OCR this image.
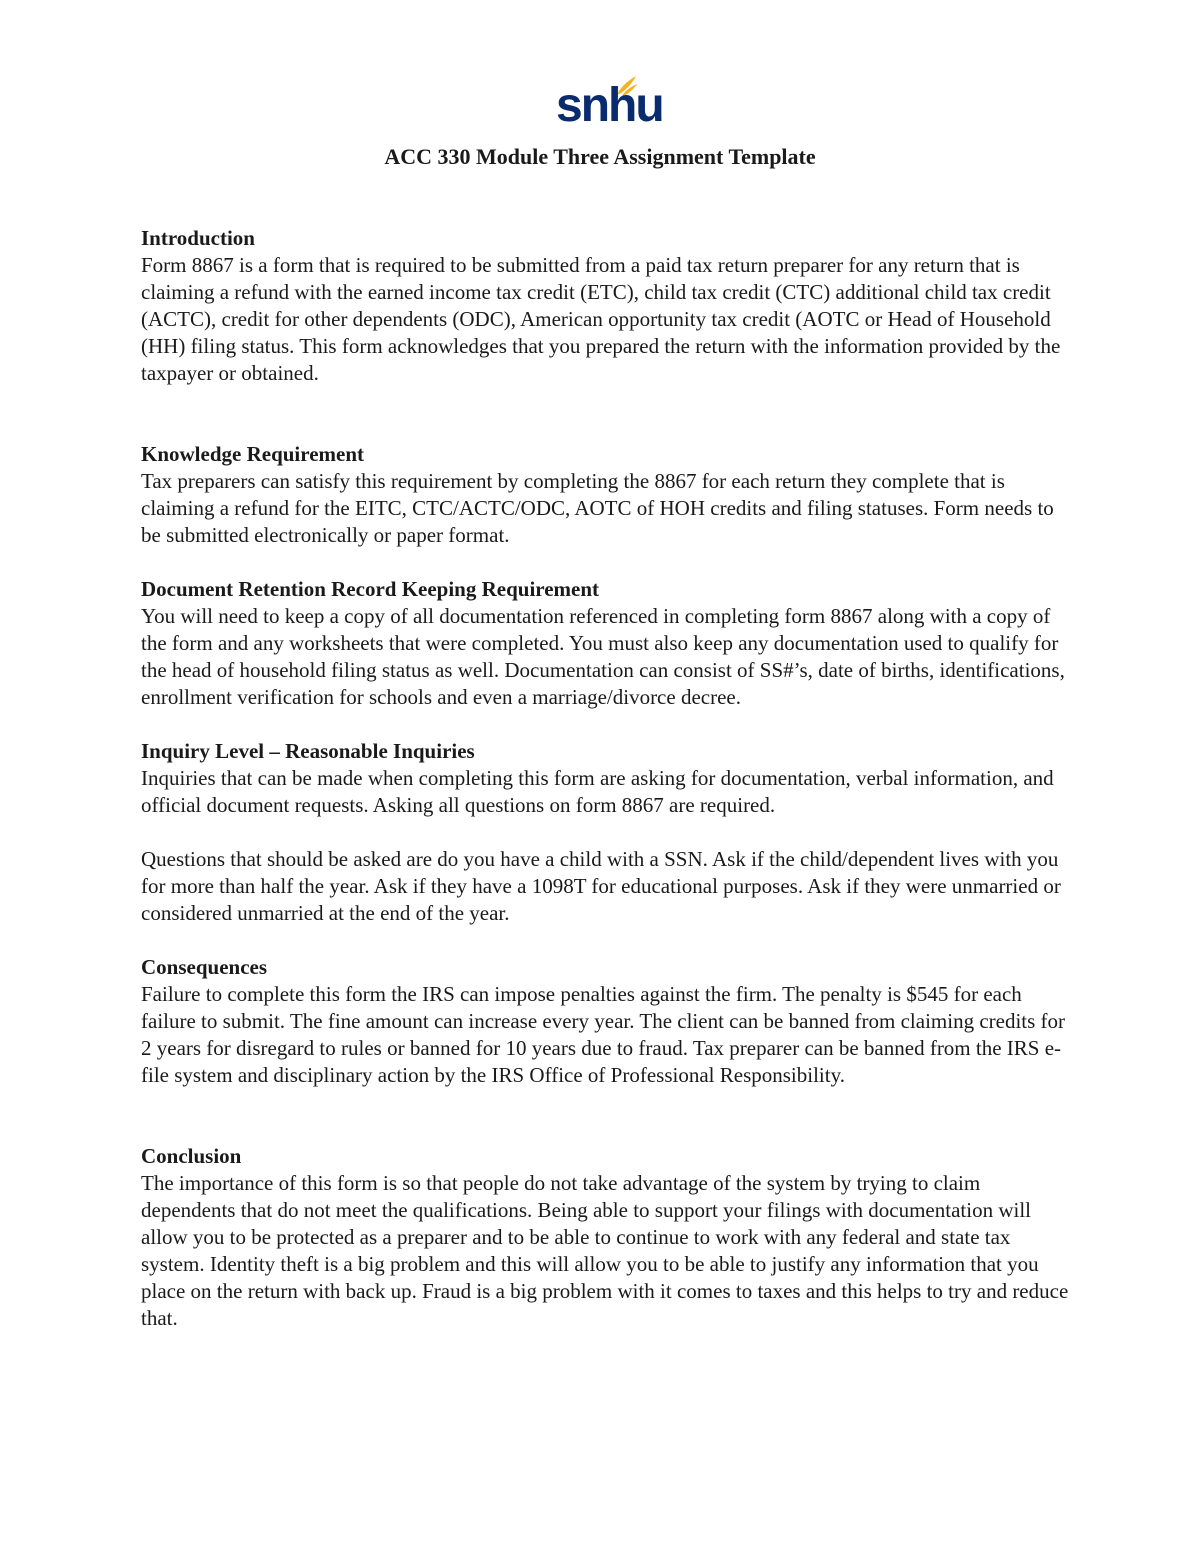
snhu
ACC 330 Module Three Assignment Template
Introduction

Form 8867 is a form that is required to be submitted from a paid tax return preparer for any return that is claiming a refund with the earned income tax credit (ETC), child tax credit (CTC) additional child tax credit (ACTC), credit for other dependents (ODC), American opportunity tax credit (AOTC or Head of Household (HH) filing status. This form acknowledges that you prepared the return with the information provided by the taxpayer or obtained.

Knowledge Requirement

Tax preparers can satisfy this requirement by completing the 8867 for each return they complete that is claiming a refund for the EITC, CTC/ACTC/ODC, AOTC of HOH credits and filing statuses. Form needs to be submitted electronically or paper format.

Document Retention Record Keeping Requirement

You will need to keep a copy of all documentation referenced in completing form 8867 along with a copy of the form and any worksheets that were completed. You must also keep any documentation used to qualify for the head of household filing status as well. Documentation can consist of SS#’s, date of births, identifications, enrollment verification for schools and even a marriage/divorce decree.

Inquiry Level – Reasonable Inquiries

Inquiries that can be made when completing this form are asking for documentation, verbal information, and official document requests. Asking all questions on form 8867 are required.

Questions that should be asked are do you have a child with a SSN. Ask if the child/dependent lives with you for more than half the year. Ask if they have a 1098T for educational purposes. Ask if they were unmarried or considered unmarried at the end of the year.

Consequences

Failure to complete this form the IRS can impose penalties against the firm. The penalty is $545 for each failure to submit. The fine amount can increase every year. The client can be banned from claiming credits for 2 years for disregard to rules or banned for 10 years due to fraud. Tax preparer can be banned from the IRS e-file system and disciplinary action by the IRS Office of Professional Responsibility.

Conclusion

The importance of this form is so that people do not take advantage of the system by trying to claim dependents that do not meet the qualifications. Being able to support your filings with documentation will allow you to be protected as a preparer and to be able to continue to work with any federal and state tax system. Identity theft is a big problem and this will allow you to be able to justify any information that you place on the return with back up. Fraud is a big problem with it comes to taxes and this helps to try and reduce that.
